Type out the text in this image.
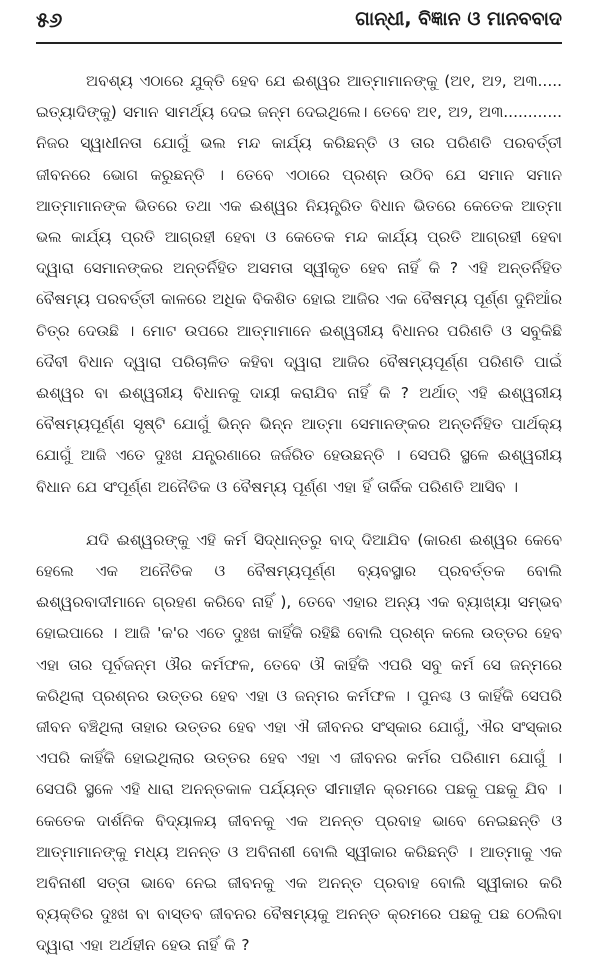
୫୬	ଗାନ୍ଧୀ, ବିଜ୍ଞାନ ଓ ମାନବବାଦ

ଅବଶ୍ୟ ଏଠାରେ ଯୁକ୍ତି ହେବ ଯେ ଈଶ୍ୱର ଆତ୍ମାମାନଙ୍କୁ (ଅ୧, ଅ୨, ଅ୩..... ଇତ୍ୟାଦିଙ୍କୁ) ସମାନ ସାମର୍ଥ୍ୟ ଦେଇ ଜନ୍ମ ଦେଇଥିଲେ। ତେବେ ଅ୧, ଅ୨, ଅ୩............ ନିଜର ସ୍ୱାଧୀନତା ଯୋଗୁଁ ଭଲ ମନ୍ଦ କାର୍ଯ୍ୟ କରିଛନ୍ତି ଓ ତାର ପରିଣତି ପରବର୍ତ୍ତୀ ଜୀବନରେ ଭୋଗ କରୁଛନ୍ତି । ତେବେ ଏଠାରେ ପ୍ରଶ୍ନ ଉଠିବ ଯେ ସମାନ ସମାନ ଆତ୍ମାମାନଙ୍କ ଭିତରେ ତଥା ଏକ ଈଶ୍ୱର ନିୟନ୍ତ୍ରିତ ବିଧାନ ଭିତରେ କେତେକ ଆତ୍ମା ଭଲ କାର୍ଯ୍ୟ ପ୍ରତି ଆଗ୍ରହୀ ହେବା ଓ କେତେକ ମନ୍ଦ କାର୍ଯ୍ୟ ପ୍ରତି ଆଗ୍ରହୀ ହେବା ଦ୍ୱାରା ସେମାନଙ୍କର ଅନ୍ତର୍ନିହିତ ଅସମତା ସ୍ୱୀକୃତ ହେବ ନାହିଁ କି ? ଏହି ଅନ୍ତର୍ନିହିତ ବୈଷମ୍ୟ ପରବର୍ତ୍ତୀ କାଳରେ ଅଧିକ ବିକଶିତ ହୋଇ ଆଜିର ଏକ ବୈଷମ୍ୟ ପୂର୍ଣ୍ଣ ଦୁନିଆଁର ଚିତ୍ର ଦେଉଛି । ମୋଟ ଉପରେ ଆତ୍ମାମାନେ ଈଶ୍ୱରୀୟ ବିଧାନର ପରିଣତି ଓ ସବୁକିଛି ଦୈବୀ ବିଧାନ ଦ୍ୱାରା ପରିଚାଳିତ କହିବା ଦ୍ୱାରା ଆଜିର ବୈଷମ୍ୟପୂର୍ଣ୍ଣ ପରିଣତି ପାଇଁ ଈଶ୍ୱର ବା ଈଶ୍ୱରୀୟ ବିଧାନକୁ ଦାୟୀ କରାଯିବ ନାହିଁ କି ? ଅର୍ଥାତ୍ ଏହି ଈଶ୍ୱରୀୟ ବୈଷମ୍ୟପୂର୍ଣ୍ଣ ସୃଷ୍ଟି ଯୋଗୁଁ ଭିନ୍ନ ଭିନ୍ନ ଆତ୍ମା ସେମାନଙ୍କର ଅନ୍ତର୍ନିହିତ ପାର୍ଥକ୍ୟ ଯୋଗୁଁ ଆଜି ଏତେ ଦୁଃଖ ଯନ୍ତ୍ରଣାରେ ଜର୍ଜରିତ ହେଉଛନ୍ତି । ସେପରି ସ୍ଥଳେ ଈଶ୍ୱରୀୟ ବିଧାନ ଯେ ସଂପୂର୍ଣ୍ଣ ଅନୈତିକ ଓ ବୈଷମ୍ୟ ପୂର୍ଣ୍ଣ ଏହା ହିଁ ତାର୍କିକ ପରିଣତି ଆସିବ ।

ଯଦି ଈଶ୍ୱରଙ୍କୁ ଏହି କର୍ମ ସିଦ୍ଧାନ୍ତରୁ ବାଦ୍ ଦିଆଯିବ (କାରଣ ଈଶ୍ୱର କେବେ ହେଲେ ଏକ ଅନୈତିକ ଓ ବୈଷମ୍ୟପୂର୍ଣ୍ଣ ବ୍ୟବସ୍ଥାର ପ୍ରବର୍ତ୍ତକ ବୋଲି ଈଶ୍ୱରବାଦୀମାନେ ଗ୍ରହଣ କରିବେ ନାହିଁ ), ତେବେ ଏହାର ଅନ୍ୟ ଏକ ବ୍ୟାଖ୍ୟା ସମ୍ଭବ ହୋଇପାରେ । ଆଜି 'କ'ର ଏତେ ଦୁଃଖ କାହିଁକି ରହିଛି ବୋଲି ପ୍ରଶ୍ନ କଲେ ଉତ୍ତର ହେବ ଏହା ତାର ପୂର୍ବଜନ୍ମ ଔର କର୍ମଫଳ, ତେବେ ଔ କାହିଁକି ଏପରି ସବୁ କର୍ମ ସେ ଜନ୍ମରେ କରିଥିଲା ପ୍ରଶ୍ନର ଉତ୍ତର ହେବ ଏହା ଓ ଜନ୍ମର କର୍ମଫଳ । ପୁନଶ୍ଚ ଓ କାହିଁକି ସେପରି ଜୀବନ ବଞ୍ଚିଥିଲା ତାହାର ଉତ୍ତର ହେବ ଏହା ଐ ଜୀବନର ସଂସ୍କାର ଯୋଗୁଁ, ଐର ସଂସ୍କାର ଏପରି କାହିଁକି ହୋଇଥିଲାର ଉତ୍ତର ହେବ ଏହା ଏ ଜୀବନର କର୍ମର ପରିଣାମ ଯୋଗୁଁ । ସେପରି ସ୍ଥଳେ ଏହି ଧାରା ଅନନ୍ତକାଳ ପର୍ଯ୍ୟନ୍ତ ସୀମାହୀନ କ୍ରମରେ ପଛକୁ ପଛକୁ ଯିବ । କେତେକ ଦାର୍ଶନିକ ବିଦ୍ୟାଳୟ ଜୀବନକୁ ଏକ ଅନନ୍ତ ପ୍ରବାହ ଭାବେ ନେଇଛନ୍ତି ଓ ଆତ୍ମାମାନଙ୍କୁ ମଧ୍ୟ ଅନନ୍ତ ଓ ଅବିନାଶୀ ବୋଲି ସ୍ୱୀକାର କରିଛନ୍ତି । ଆତ୍ମାକୁ ଏକ ଅବିନାଶୀ ସତ୍ତା ଭାବେ ନେଇ ଜୀବନକୁ ଏକ ଅନନ୍ତ ପ୍ରବାହ ବୋଲି ସ୍ୱୀକାର କରି ବ୍ୟକ୍ତିର ଦୁଃଖ ବା ବାସ୍ତବ ଜୀବନର ବୈଷମ୍ୟକୁ ଅନନ୍ତ କ୍ରମରେ ପଛକୁ ପଛ ଠେଲିବା ଦ୍ୱାରା ଏହା ଅର୍ଥହୀନ ହେଉ ନାହିଁ କି ?
